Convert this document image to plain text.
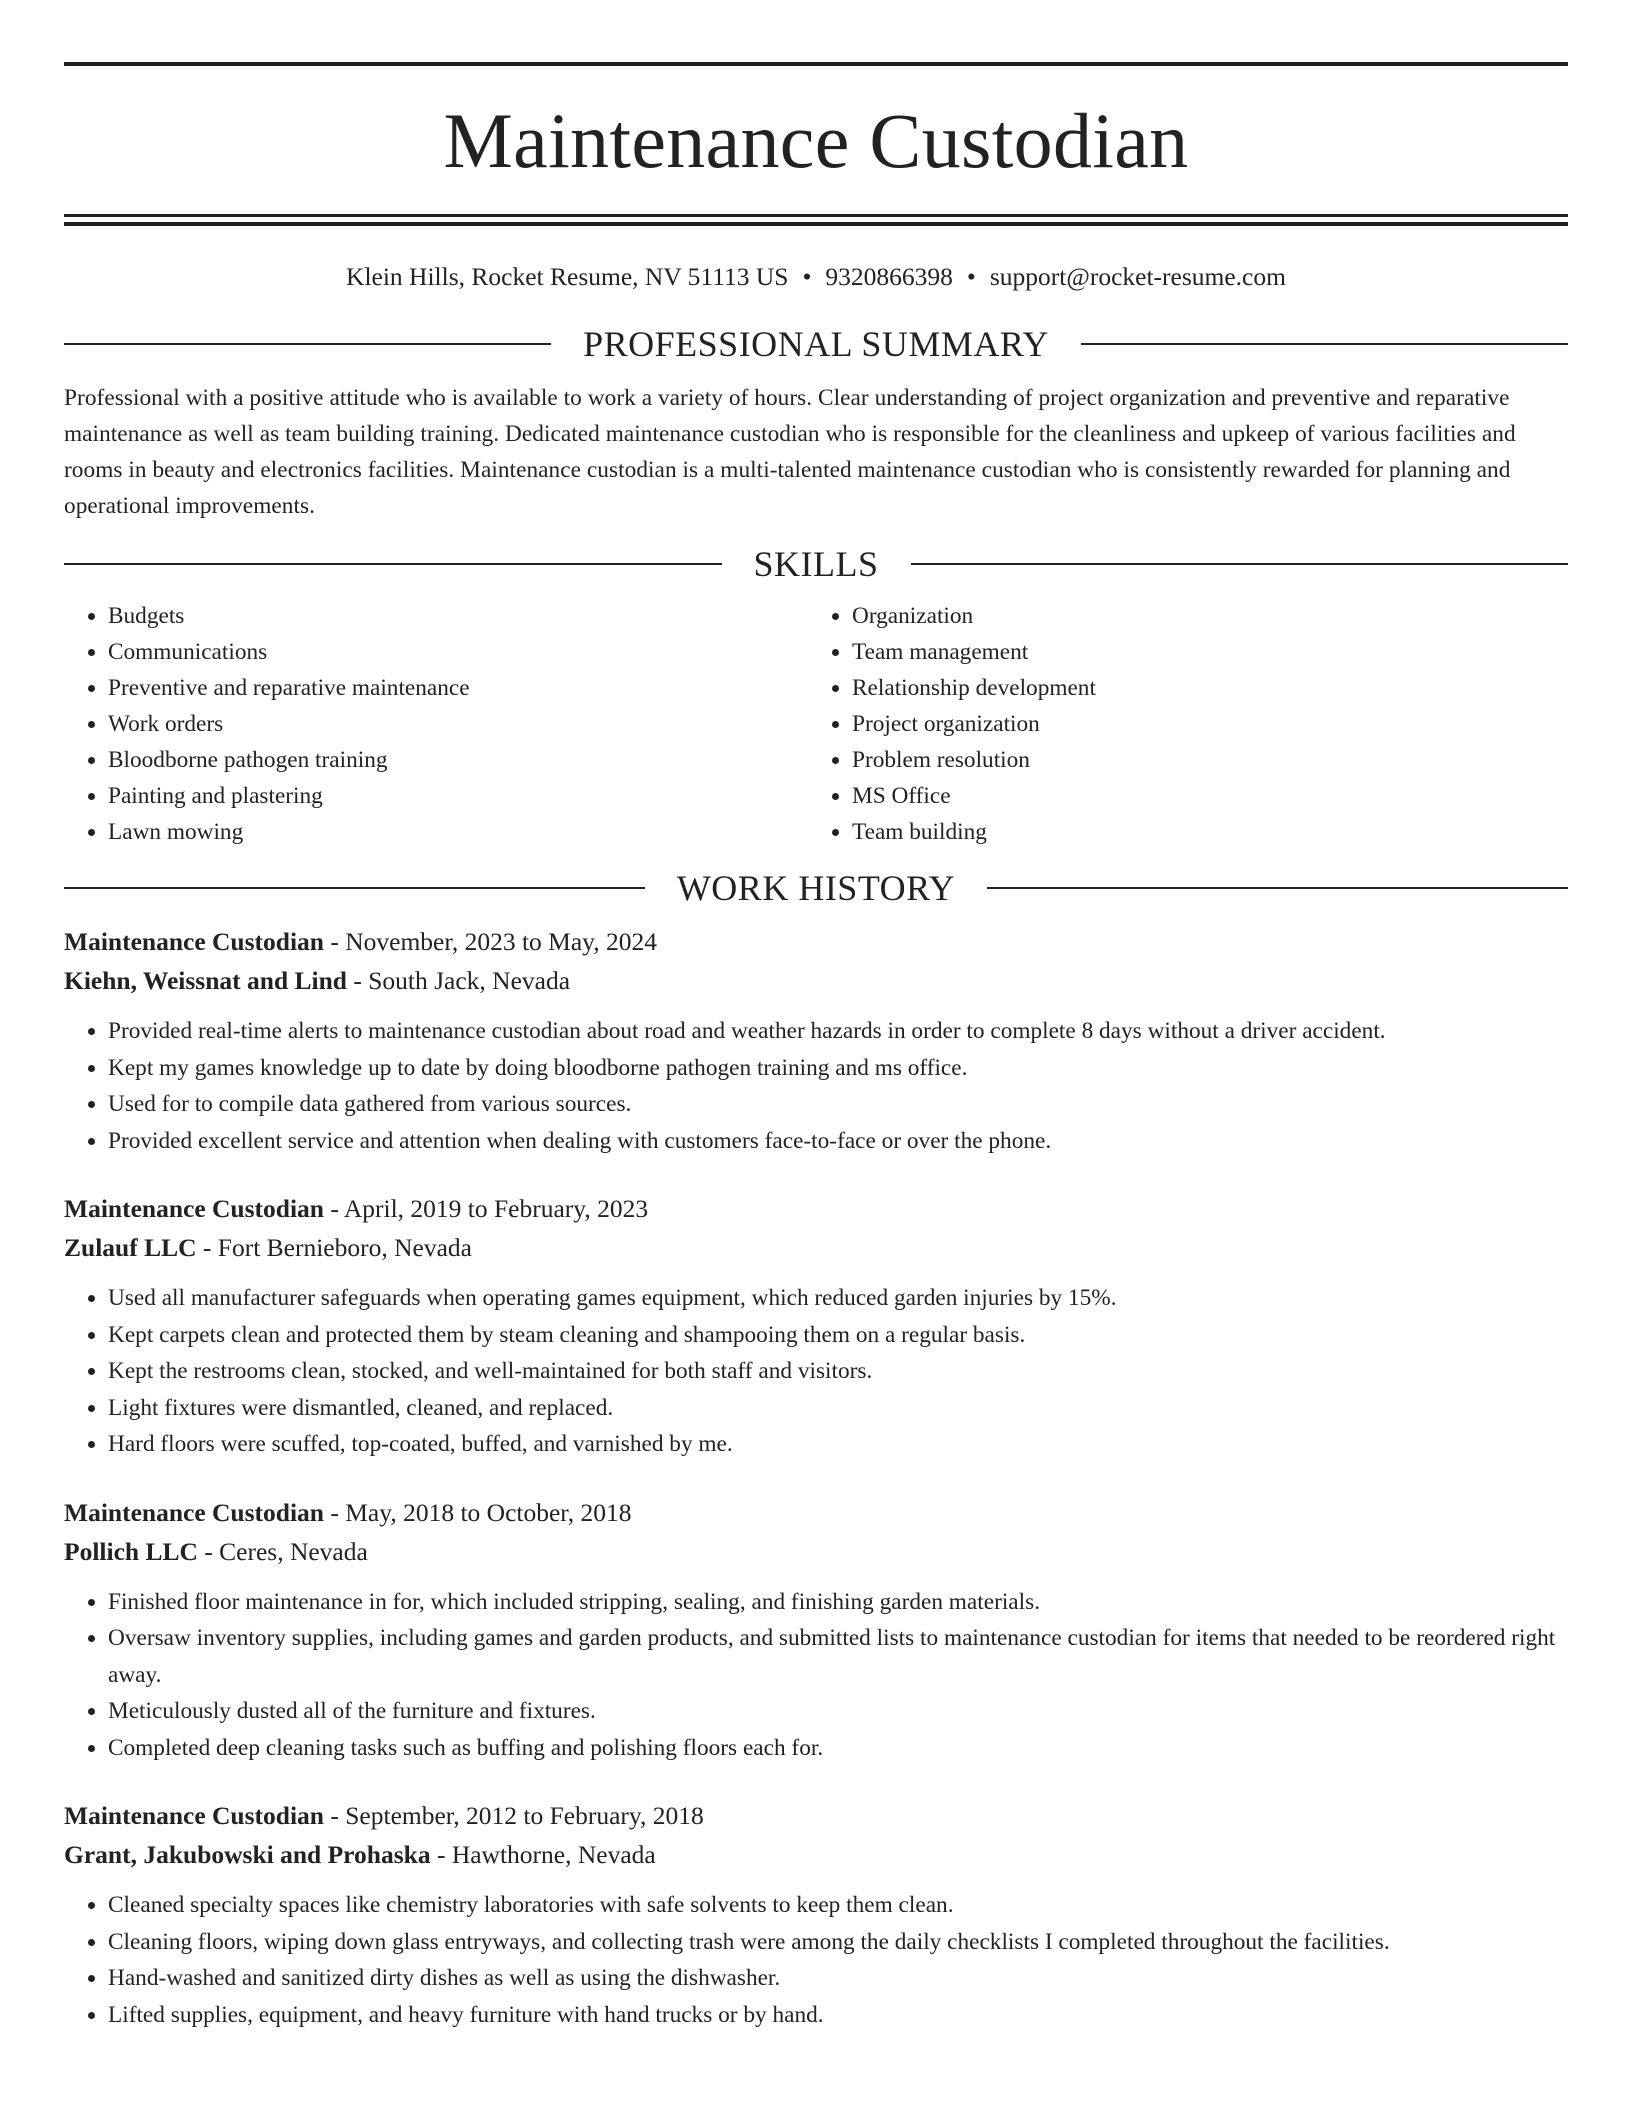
Maintenance Custodian
Klein Hills, Rocket Resume, NV 51113 US • 9320866398 • support@rocket-resume.com
PROFESSIONAL SUMMARY
Professional with a positive attitude who is available to work a variety of hours. Clear understanding of project organization and preventive and reparative maintenance as well as team building training. Dedicated maintenance custodian who is responsible for the cleanliness and upkeep of various facilities and rooms in beauty and electronics facilities. Maintenance custodian is a multi-talented maintenance custodian who is consistently rewarded for planning and operational improvements.
SKILLS
• Budgets
• Communications
• Preventive and reparative maintenance
• Work orders
• Bloodborne pathogen training
• Painting and plastering
• Lawn mowing
• Organization
• Team management
• Relationship development
• Project organization
• Problem resolution
• MS Office
• Team building
WORK HISTORY
Maintenance Custodian - November, 2023 to May, 2024
Kiehn, Weissnat and Lind - South Jack, Nevada
• Provided real-time alerts to maintenance custodian about road and weather hazards in order to complete 8 days without a driver accident.
• Kept my games knowledge up to date by doing bloodborne pathogen training and ms office.
• Used for to compile data gathered from various sources.
• Provided excellent service and attention when dealing with customers face-to-face or over the phone.
Maintenance Custodian - April, 2019 to February, 2023
Zulauf LLC - Fort Bernieboro, Nevada
• Used all manufacturer safeguards when operating games equipment, which reduced garden injuries by 15%.
• Kept carpets clean and protected them by steam cleaning and shampooing them on a regular basis.
• Kept the restrooms clean, stocked, and well-maintained for both staff and visitors.
• Light fixtures were dismantled, cleaned, and replaced.
• Hard floors were scuffed, top-coated, buffed, and varnished by me.
Maintenance Custodian - May, 2018 to October, 2018
Pollich LLC - Ceres, Nevada
• Finished floor maintenance in for, which included stripping, sealing, and finishing garden materials.
• Oversaw inventory supplies, including games and garden products, and submitted lists to maintenance custodian for items that needed to be reordered right away.
• Meticulously dusted all of the furniture and fixtures.
• Completed deep cleaning tasks such as buffing and polishing floors each for.
Maintenance Custodian - September, 2012 to February, 2018
Grant, Jakubowski and Prohaska - Hawthorne, Nevada
• Cleaned specialty spaces like chemistry laboratories with safe solvents to keep them clean.
• Cleaning floors, wiping down glass entryways, and collecting trash were among the daily checklists I completed throughout the facilities.
• Hand-washed and sanitized dirty dishes as well as using the dishwasher.
• Lifted supplies, equipment, and heavy furniture with hand trucks or by hand.
